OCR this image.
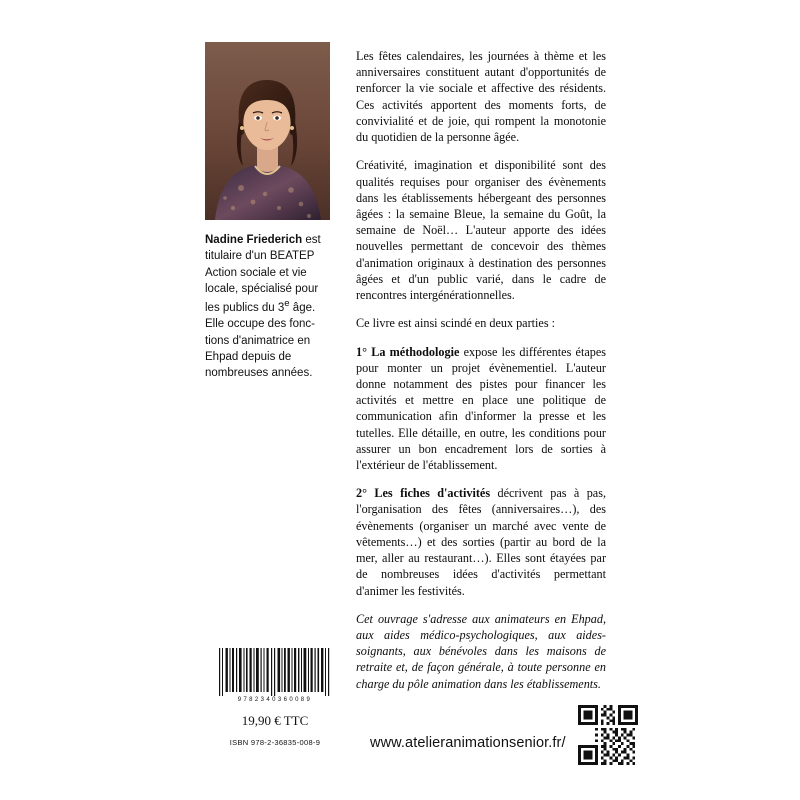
Nadine Friederich est titulaire d'un BEATEP Action sociale et vie locale, spécialisé pour les publics du 3e âge. Elle occupe des fonc- tions d'animatrice en Ehpad depuis de nombreuses années.

Les fêtes calendaires, les journées à thème et les anniversaires constituent autant d'opportunités de renforcer la vie sociale et affective des résidents. Ces activités apportent des moments forts, de convivialité et de joie, qui rompent la monotonie du quotidien de la personne âgée.

Créativité, imagination et disponibilité sont des qualités requises pour organiser des évènements dans les établissements hébergeant des personnes âgées : la semaine Bleue, la semaine du Goût, la semaine de Noël… L'auteur apporte des idées nouvelles permettant de concevoir des thèmes d'animation originaux à destination des personnes âgées et d'un public varié, dans le cadre de rencontres intergénérationnelles.

Ce livre est ainsi scindé en deux parties :

1° La méthodologie expose les différentes étapes pour monter un projet évènementiel. L'auteur donne notamment des pistes pour financer les activités et mettre en place une politique de communication afin d'informer la presse et les tutelles. Elle détaille, en outre, les conditions pour assurer un bon encadrement lors de sorties à l'extérieur de l'établissement.

2° Les fiches d'activités décrivent pas à pas, l'organisation des fêtes (anniversaires…), des évènements (organiser un marché avec vente de vêtements…) et des sorties (partir au bord de la mer, aller au restaurant…). Elles sont étayées par de nombreuses idées d'activités permettant d'animer les festivités.

Cet ouvrage s'adresse aux animateurs en Ehpad, aux aides médico-psychologiques, aux aides-soignants, aux bénévoles dans les maisons de retraite et, de façon générale, à toute personne en charge du pôle animation dans les établissements.

9782340360089
19,90 € TTC
ISBN 978-2-36835-008-9	www.atelieranimationsenior.fr/
